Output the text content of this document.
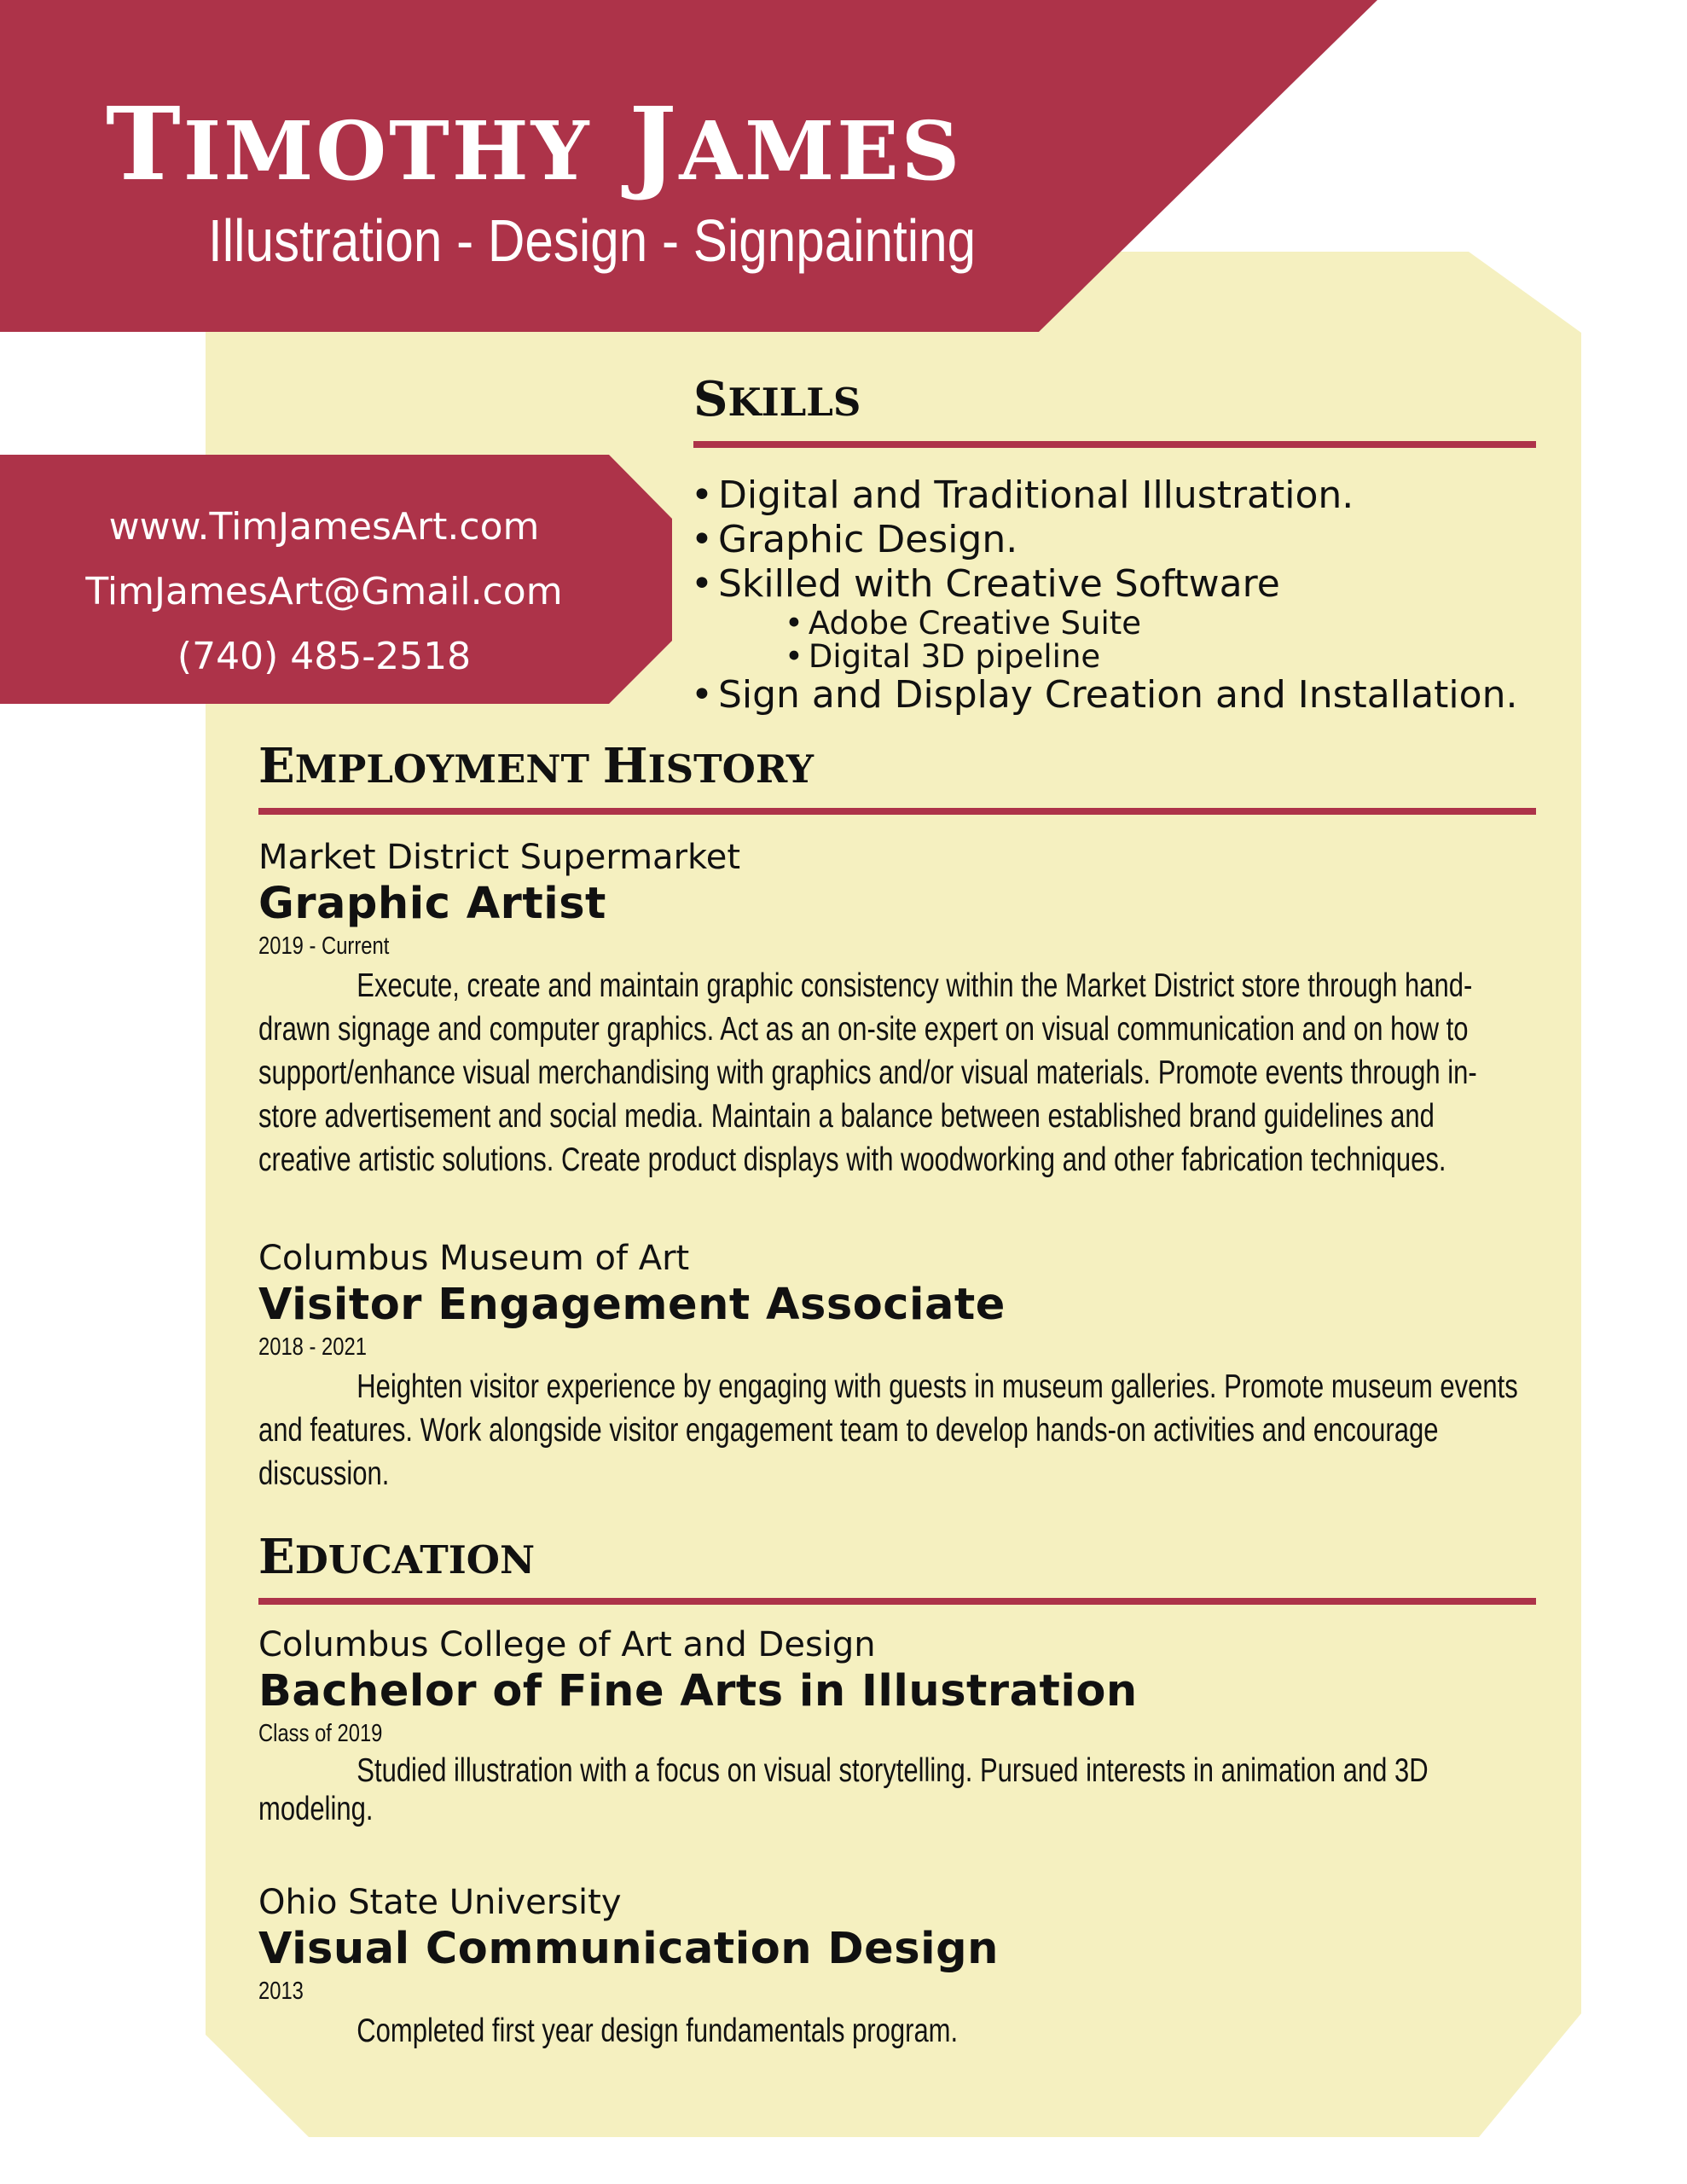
TIMOTHY JAMES
Illustration - Design - Signpainting
www.TimJamesArt.com
TimJamesArt@Gmail.com
(740) 485-2518
SKILLS
• Digital and Traditional Illustration.
• Graphic Design.
• Skilled with Creative Software
• Adobe Creative Suite
• Digital 3D pipeline
• Sign and Display Creation and Installation.
EMPLOYMENT HISTORY
Market District Supermarket
Graphic Artist
2019 - Current
Execute, create and maintain graphic consistency within the Market District store through hand-drawn signage and computer graphics. Act as an on-site expert on visual communication and on how to support/enhance visual merchandising with graphics and/or visual materials. Promote events through in-store advertisement and social media. Maintain a balance between established brand guidelines and creative artistic solutions. Create product displays with woodworking and other fabrication techniques.
Columbus Museum of Art
Visitor Engagement Associate
2018 - 2021
Heighten visitor experience by engaging with guests in museum galleries. Promote museum events and features. Work alongside visitor engagement team to develop hands-on activities and encourage discussion.
EDUCATION
Columbus College of Art and Design
Bachelor of Fine Arts in Illustration
Class of 2019
Studied illustration with a focus on visual storytelling. Pursued interests in animation and 3D modeling.
Ohio State University
Visual Communication Design
2013
Completed first year design fundamentals program.
